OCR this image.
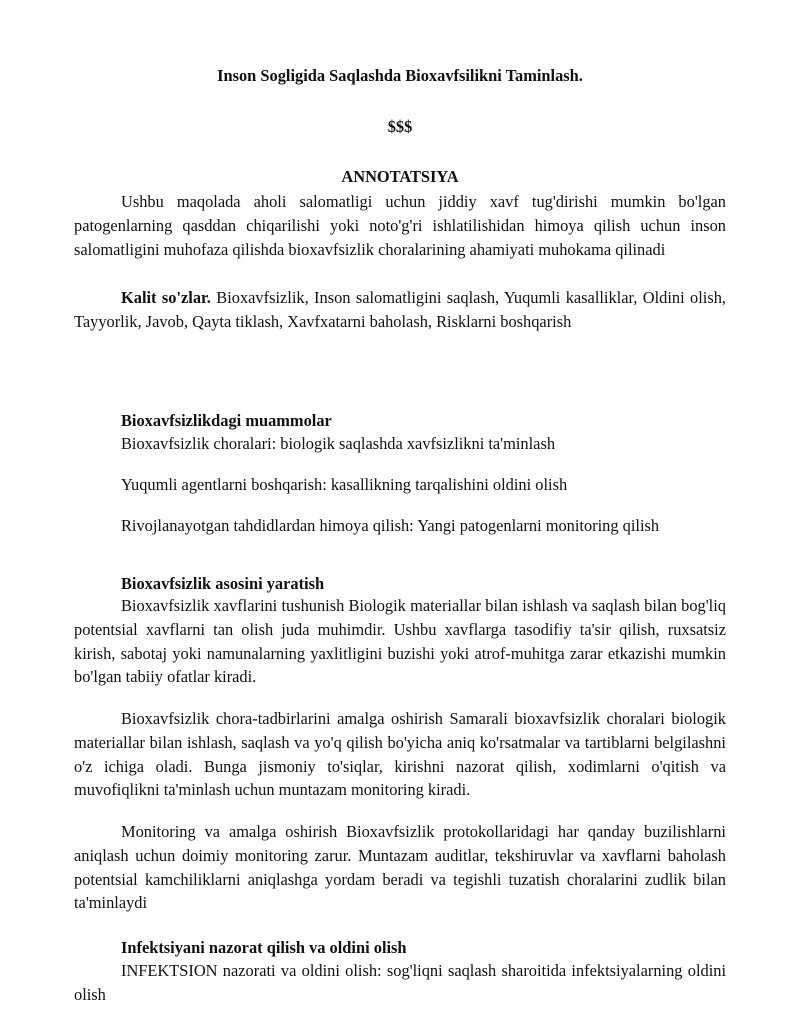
Inson Sogligida Saqlashda Bioxavfsilikni Taminlash.
$$$
ANNOTATSIYA

Ushbu maqolada aholi salomatligi uchun jiddiy xavf tug'dirishi mumkin bo'lgan patogenlarning qasddan chiqarilishi yoki noto'g'ri ishlatilishidan himoya qilish uchun inson salomatligini muhofaza qilishda bioxavfsizlik choralarining ahamiyati muhokama qilinadi

Kalit so'zlar. Bioxavfsizlik, Inson salomatligini saqlash, Yuqumli kasalliklar, Oldini olish, Tayyorlik, Javob, Qayta tiklash, Xavfxatarni baholash, Risklarni boshqarish

Bioxavfsizlikdagi muammolar

Bioxavfsizlik choralari: biologik saqlashda xavfsizlikni ta'minlash

Yuqumli agentlarni boshqarish: kasallikning tarqalishini oldini olish

Rivojlanayotgan tahdidlardan himoya qilish: Yangi patogenlarni monitoring qilish

Bioxavfsizlik asosini yaratish

Bioxavfsizlik xavflarini tushunish Biologik materiallar bilan ishlash va saqlash bilan bog'liq potentsial xavflarni tan olish juda muhimdir. Ushbu xavflarga tasodifiy ta'sir qilish, ruxsatsiz kirish, sabotaj yoki namunalarning yaxlitligini buzishi yoki atrof-muhitga zarar etkazishi mumkin bo'lgan tabiiy ofatlar kiradi.

Bioxavfsizlik chora-tadbirlarini amalga oshirish Samarali bioxavfsizlik choralari biologik materiallar bilan ishlash, saqlash va yo'q qilish bo'yicha aniq ko'rsatmalar va tartiblarni belgilashni o'z ichiga oladi. Bunga jismoniy to'siqlar, kirishni nazorat qilish, xodimlarni o'qitish va muvofiqlikni ta'minlash uchun muntazam monitoring kiradi.

Monitoring va amalga oshirish Bioxavfsizlik protokollaridagi har qanday buzilishlarni aniqlash uchun doimiy monitoring zarur. Muntazam auditlar, tekshiruvlar va xavflarni baholash potentsial kamchiliklarni aniqlashga yordam beradi va tegishli tuzatish choralarini zudlik bilan ta'minlaydi

Infektsiyani nazorat qilish va oldini olish

INFEKTSION nazorati va oldini olish: sog'liqni saqlash sharoitida infektsiyalarning oldini olish
